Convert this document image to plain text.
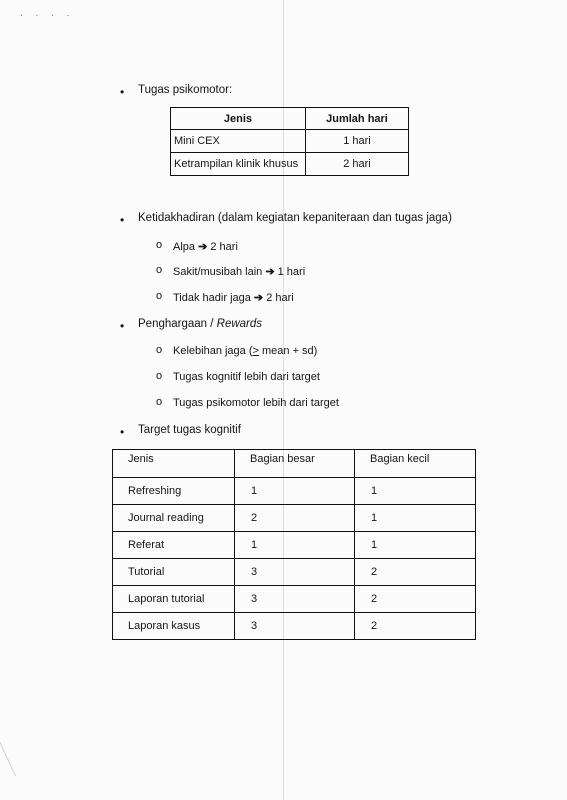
· · · ·
• Tugas psikomotor:
Jenis	Jumlah hari
Mini CEX	1 hari
Ketrampilan klinik khusus	2 hari
• Ketidakhadiran (dalam kegiatan kepaniteraan dan tugas jaga)
o Alpa ➔ 2 hari
o Sakit/musibah lain ➔ 1 hari
o Tidak hadir jaga ➔ 2 hari
• Penghargaan / Rewards
o Kelebihan jaga (> mean + sd)
o Tugas kognitif lebih dari target
o Tugas psikomotor lebih dari target
• Target tugas kognitif
Jenis	Bagian besar	Bagian kecil
Refreshing	1	1
Journal reading	2	1
Referat	1	1
Tutorial	3	2
Laporan tutorial	3	2
Laporan kasus	3	2
